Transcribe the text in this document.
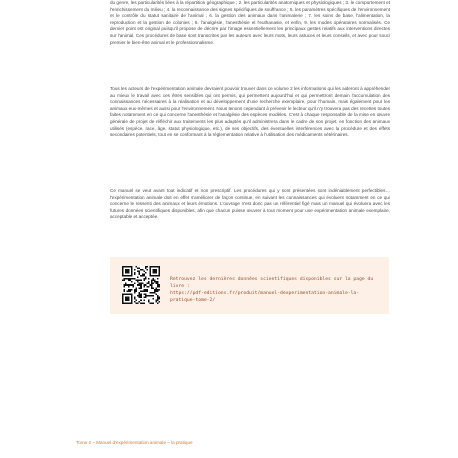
du genre, les particularités liées à la répartition géographique ; 2. les particularités anatomiques et physiologiques ; 3. le comportement et l'enrichissement du milieu ; 4. la reconnaissance des signes spécifiques de souffrance ; 5. les paramètres spécifiques de l'environnement et le contrôle du statut sanitaire de l'animal ; 6. la gestion des animaux dans l'animalerie ; 7. les soins de base, l'alimentation, la reproduction et la gestion de colonies ; 8. l'analgésie, l'anesthésie et l'euthanasie, et enfin, 9. les modes opératoires normalisés. Ce dernier point est original puisqu'il propose de décrire par l'image essentiellement les principaux gestes relatifs aux interventions directes sur l'animal. Ces procédures de base sont transcrites par les auteurs avec leurs mots, leurs astuces et leurs conseils, et avec pour souci premier le bien-être animal et le professionnalisme.

Tous les acteurs de l'expérimentation animale devraient pouvoir trouver dans ce volume 2 les informations qui les aideront à appréhender au mieux le travail avec ces êtres sensibles qui ont permis, qui permettent aujourd'hui et qui permettront demain l'accumulation des connaissances nécessaires à la réalisation et au développement d'une recherche exemplaire, pour l'humain, mais également pour les animaux eux-mêmes et aussi pour l'environnement. Nous tenons cependant à prévenir le lecteur qu'il n'y trouvera pas des recettes toutes faites notamment en ce qui concerne l'anesthésie et l'analgésie des espèces modèles. C'est à chaque responsable de la mise en œuvre générale de projet de réfléchir aux traitements les plus adaptés qu'il administrera dans le cadre de son projet, en fonction des animaux utilisés (espèce, race, âge, statut physiologique, etc.), de ses objectifs, des éventuelles interférences avec la procédure et des effets secondaires potentiels, tout en se conformant à la réglementation relative à l'utilisation des médicaments vétérinaires.

Ce manuel se veut avant tout indicatif et non prescriptif. Les procédures qui y sont présentées sont indéniablement perfectibles… l'expérimentation animale doit en effet s'améliorer de façon continue, en suivant les connaissances qui évoluent notamment en ce qui concerne le ressenti des animaux et leurs émotions. L'ouvrage n'est donc pas un référentiel figé mais un manuel qui évoluera avec les futures données scientifiques disponibles, afin que chacun puisse œuvrer à tout moment pour une expérimentation animale exemplaire, acceptable et acceptée.

Retrouvez les dernières données scientifiques disponibles sur la page du livre :
https://pdf-editions.fr/produit/manuel-dexperimentation-animale-la-pratique-tome-2/
Tome 2 – Manuel d'expérimentation animale – la pratique
